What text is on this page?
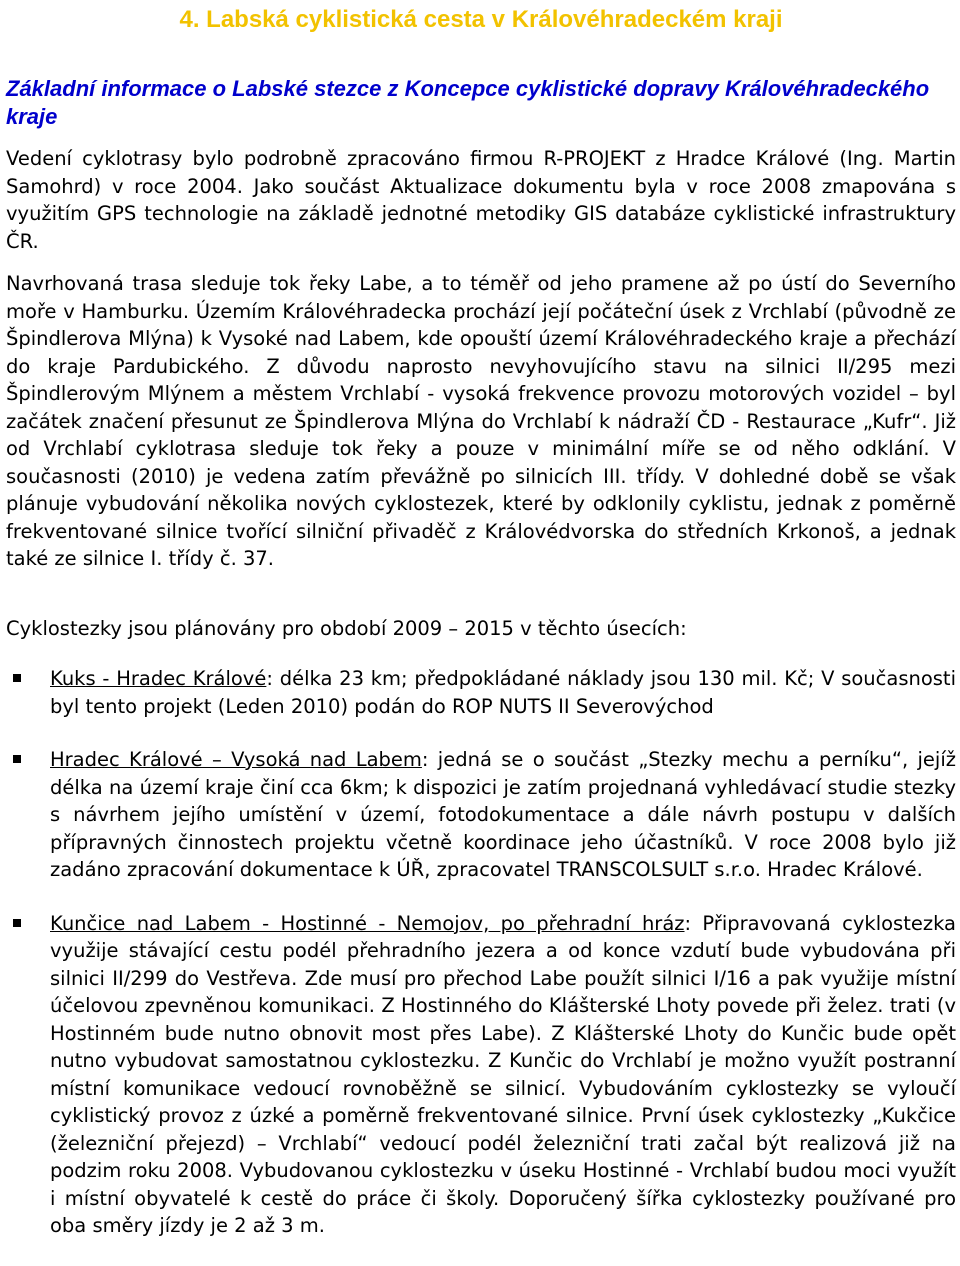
4. Labská cyklistická cesta v Královéhradeckém kraji
Základní informace o Labské stezce z Koncepce cyklistické dopravy Královéhradeckého kraje

Vedení cyklotrasy bylo podrobně zpracováno firmou R-PROJEKT z Hradce Králové (Ing. Martin Samohrd) v roce 2004. Jako součást Aktualizace dokumentu byla v roce 2008 zmapována s využitím GPS technologie na základě jednotné metodiky GIS databáze cyklistické infrastruktury ČR.

Navrhovaná trasa sleduje tok řeky Labe, a to téměř od jeho pramene až po ústí do Severního moře v Hamburku. Územím Královéhradecka prochází její počáteční úsek z Vrchlabí (původně ze Špindlerova Mlýna) k Vysoké nad Labem, kde opouští území Královéhradeckého kraje a přechází do kraje Pardubického. Z důvodu naprosto nevyhovujícího stavu na silnici II/295 mezi Špindlerovým Mlýnem a městem Vrchlabí - vysoká frekvence provozu motorových vozidel – byl začátek značení přesunut ze Špindlerova Mlýna do Vrchlabí k nádraží ČD - Restaurace „Kufr“. Již od Vrchlabí cyklotrasa sleduje tok řeky a pouze v minimální míře se od něho odklání. V současnosti (2010) je vedena zatím převážně po silnicích III. třídy. V dohledné době se však plánuje vybudování několika nových cyklostezek, které by odklonily cyklistu, jednak z poměrně frekventované silnice tvořící silniční přivaděč z Královédvorska do středních Krkonoš, a jednak také ze silnice I. třídy č. 37.

Cyklostezky jsou plánovány pro období 2009 – 2015 v těchto úsecích:

Kuks - Hradec Králové: délka 23 km; předpokládané náklady jsou 130 mil. Kč; V současnosti byl tento projekt (Leden 2010) podán do ROP NUTS II Severovýchod

Hradec Králové – Vysoká nad Labem: jedná se o součást „Stezky mechu a perníku“, jejíž délka na území kraje činí cca 6km; k dispozici je zatím projednaná vyhledávací studie stezky s návrhem jejího umístění v území, fotodokumentace a dále návrh postupu v dalších přípravných činnostech projektu včetně koordinace jeho účastníků. V roce 2008 bylo již zadáno zpracování dokumentace k ÚŘ, zpracovatel TRANSCOLSULT s.r.o. Hradec Králové.

Kunčice nad Labem - Hostinné - Nemojov, po přehradní hráz: Připravovaná cyklostezka využije stávající cestu podél přehradního jezera a od konce vzdutí bude vybudována při silnici II/299 do Vestřeva. Zde musí pro přechod Labe použít silnici I/16 a pak využije místní účelovou zpevněnou komunikaci. Z Hostinného do Klášterské Lhoty povede při želez. trati (v Hostinném bude nutno obnovit most přes Labe). Z Klášterské Lhoty do Kunčic bude opět nutno vybudovat samostatnou cyklostezku. Z Kunčic do Vrchlabí je možno využít postranní místní komunikace vedoucí rovnoběžně se silnicí. Vybudováním cyklostezky se vyloučí cyklistický provoz z úzké a poměrně frekventované silnice. První úsek cyklostezky „Kukčice (železniční přejezd) – Vrchlabí“ vedoucí podél železniční trati začal být realizová již na podzim roku 2008. Vybudovanou cyklostezku v úseku Hostinné - Vrchlabí budou moci využít i místní obyvatelé k cestě do práce či školy. Doporučený šířka cyklostezky používané pro oba směry jízdy je 2 až 3 m.
